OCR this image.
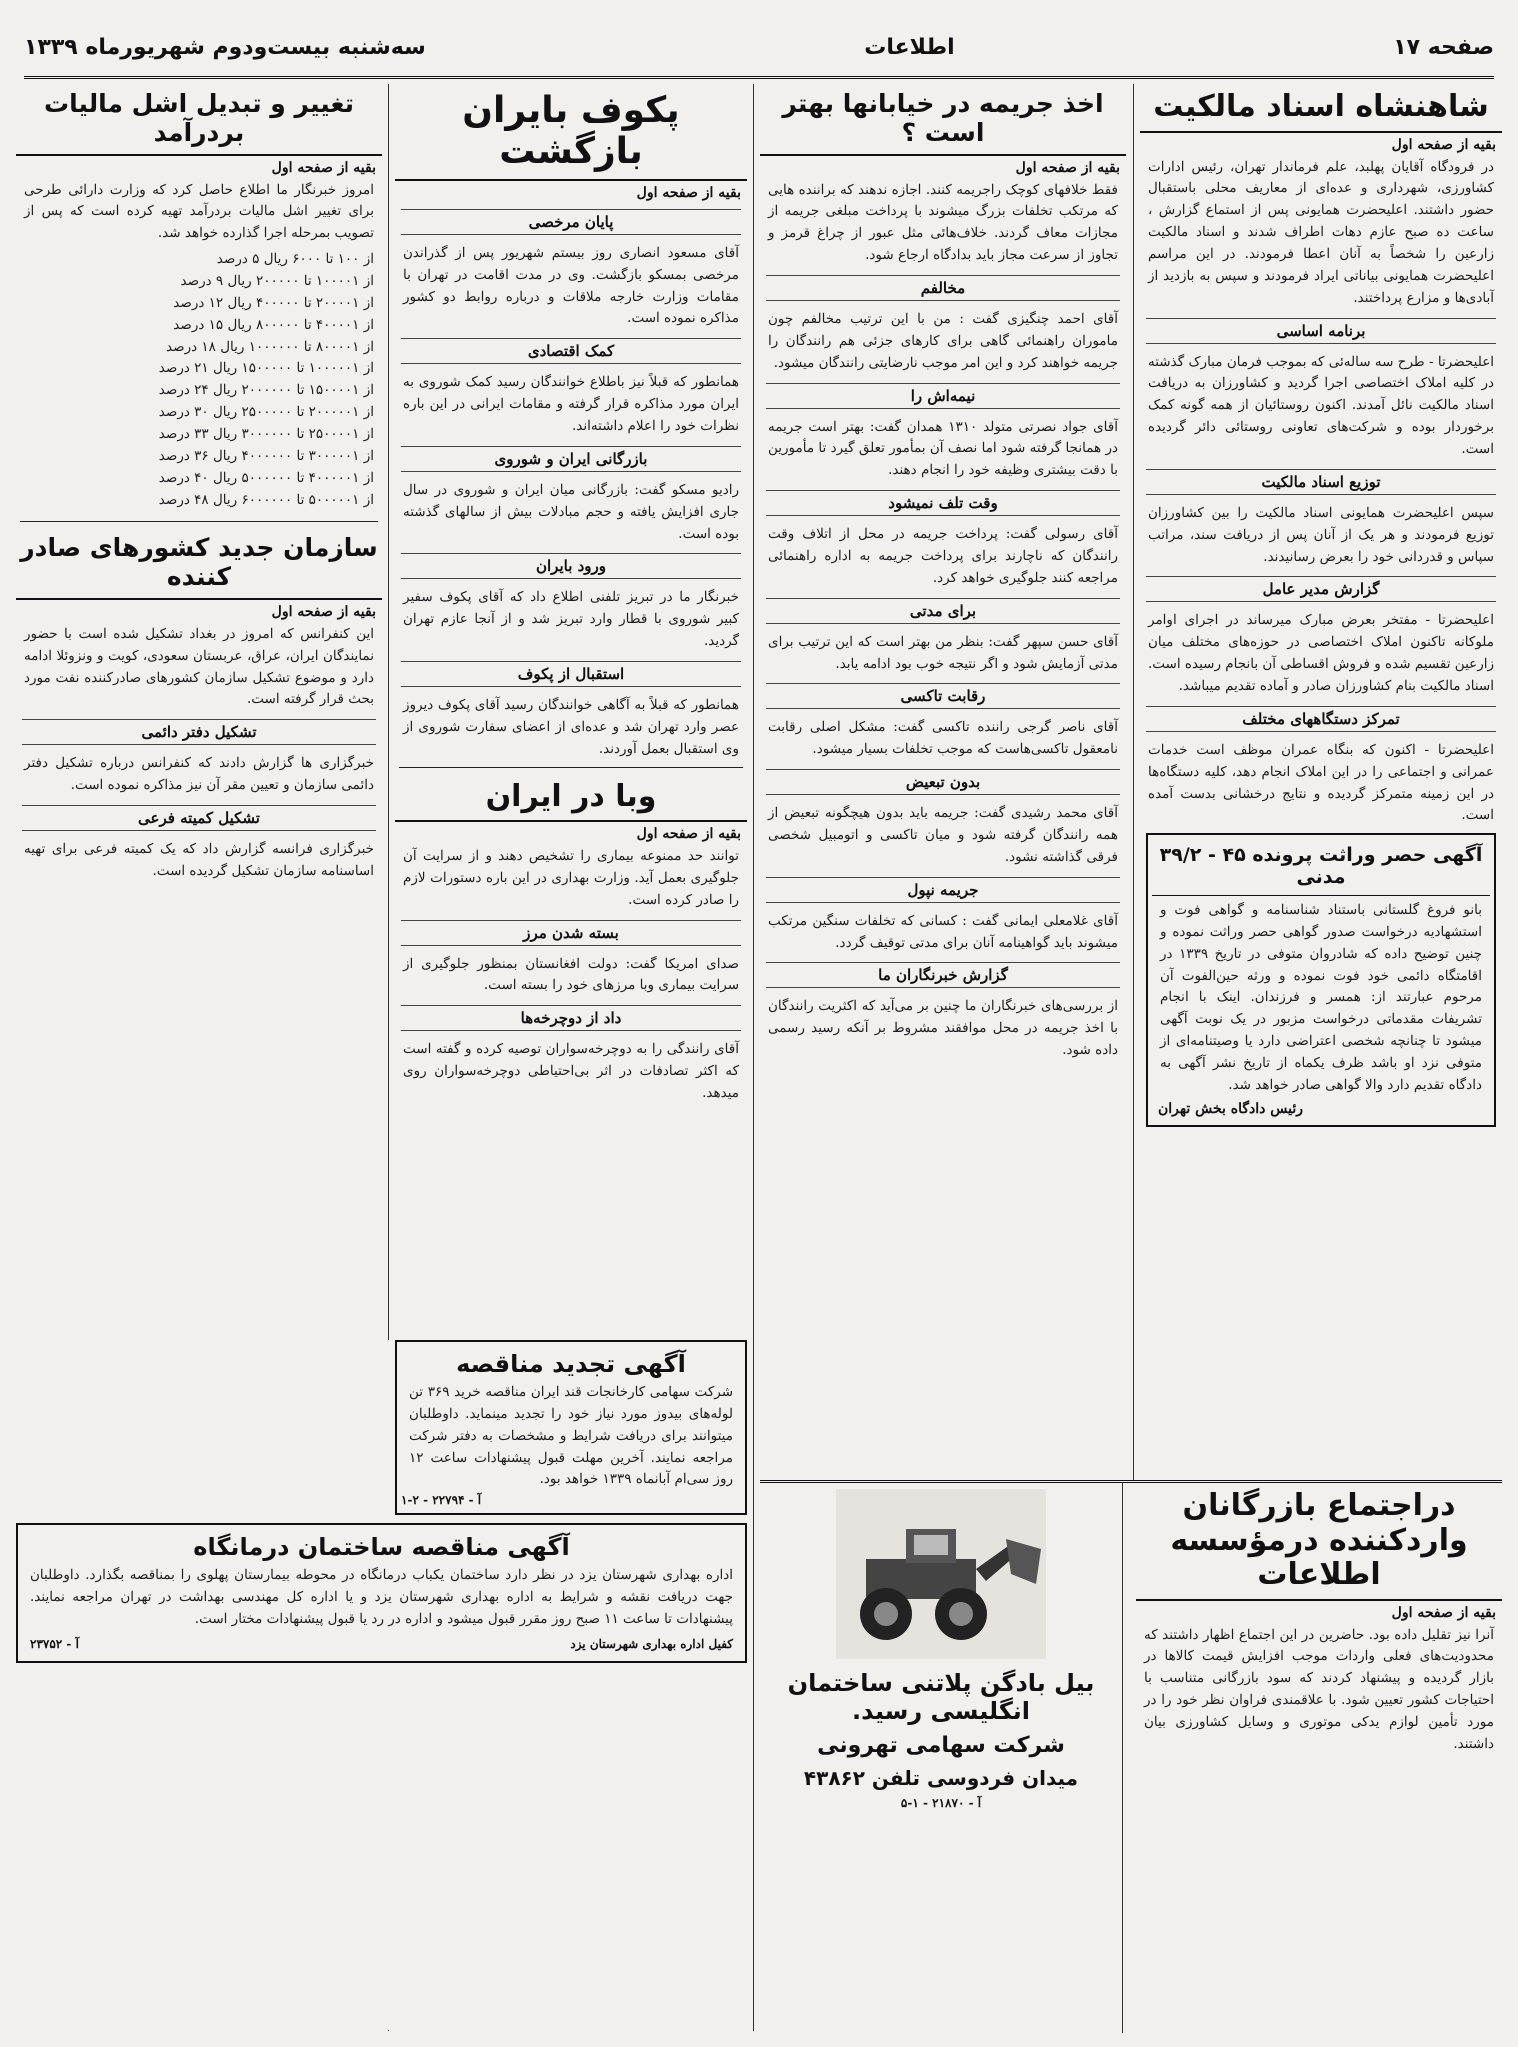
صفحه ۱۷
اطلاعات
سه‌شنبه بیست‌ودوم شهریورماه ۱۳۳۹
شاهنشاه اسناد مالکیت
بقیه از صفحه اول
در فرودگاه آقایان پهلبد، علم فرماندار تهران، رئیس ادارات کشاورزی، شهرداری و عده‌ای از معاریف محلی باستقبال حضور داشتند. اعلیحضرت همایونی پس از استماع گزارش ، ساعت ده صبح عازم دهات اطراف شدند و اسناد مالکیت زارعین را شخصاً به آنان اعطا فرمودند. در این مراسم اعلیحضرت همایونی بیاناتی ایراد فرمودند و سپس به بازدید از آبادی‌ها و مزارع پرداختند.
برنامه اساسی
اعلیحضرتا - طرح سه ساله‌ئی که بموجب فرمان مبارک گذشته در کلیه املاک اختصاصی اجرا گردید و کشاورزان به دریافت اسناد مالکیت نائل آمدند. اکنون روستائیان از همه گونه کمک برخوردار بوده و شرکت‌های تعاونی روستائی دائر گردیده است.
توزیع اسناد مالکیت
سپس اعلیحضرت همایونی اسناد مالکیت را بین کشاورزان توزیع فرمودند و هر یک از آنان پس از دریافت سند، مراتب سپاس و قدردانی خود را بعرض رسانیدند.
گزارش مدیر عامل
اعلیحضرتا - مفتخر بعرض مبارک میرساند در اجرای اوامر ملوکانه تاکنون املاک اختصاصی در حوزه‌های مختلف میان زارعین تقسیم شده و فروش اقساطی آن بانجام رسیده است. اسناد مالکیت بنام کشاورزان صادر و آماده تقدیم میباشد.
تمرکز دستگاههای مختلف
اعلیحضرتا - اکنون که بنگاه عمران موظف است خدمات عمرانی و اجتماعی را در این املاک انجام دهد، کلیه دستگاه‌ها در این زمینه متمرکز گردیده و نتایج درخشانی بدست آمده است.
آگهی حصر وراثت پرونده ۴۵ - ۳۹/۲ مدنی
بانو فروغ گلستانی باستناد شناسنامه و گواهی فوت و استشهادیه درخواست صدور گواهی حصر وراثت نموده و چنین توضیح داده که شادروان متوفی در تاریخ ۱۳۳۹ در اقامتگاه دائمی خود فوت نموده و ورثه حین‌الفوت آن مرحوم عبارتند از: همسر و فرزندان. اینک با انجام تشریفات مقدماتی درخواست مزبور در یک نوبت آگهی میشود تا چنانچه شخصی اعتراضی دارد یا وصیتنامه‌ای از متوفی نزد او باشد ظرف یکماه از تاریخ نشر آگهی به دادگاه تقدیم دارد والا گواهی صادر خواهد شد.
رئیس دادگاه بخش تهران
اخذ جریمه در خیابانها بهتر است ؟
بقیه از صفحه اول
فقط خلافهای کوچک راجریمه کنند. اجازه ندهند که براننده هایی که مرتکب تخلفات بزرگ میشوند با پرداخت مبلغی جریمه از مجازات معاف گردند. خلاف‌هائی مثل عبور از چراغ قرمز و تجاوز از سرعت مجاز باید بدادگاه ارجاع شود.
مخالفم
آقای احمد چنگیزی گفت : من با این ترتیب مخالفم چون ماموران راهنمائی گاهی برای کارهای جزئی هم رانندگان را جریمه خواهند کرد و این امر موجب نارضایتی رانندگان میشود.
نیمه‌اش را
آقای جواد نصرتی متولد ۱۳۱۰ همدان گفت: بهتر است جریمه در همانجا گرفته شود اما نصف آن بمأمور تعلق گیرد تا مأمورین با دقت بیشتری وظیفه خود را انجام دهند.
وقت تلف نمیشود
آقای رسولی گفت: پرداخت جریمه در محل از اتلاف وقت رانندگان که ناچارند برای پرداخت جریمه به اداره راهنمائی مراجعه کنند جلوگیری خواهد کرد.
برای مدتی
آقای حسن سپهر گفت: بنظر من بهتر است که این ترتیب برای مدتی آزمایش شود و اگر نتیجه خوب بود ادامه یابد.
رقابت تاکسی
آقای ناصر گرجی راننده تاکسی گفت: مشکل اصلی رقابت نامعقول تاکسی‌هاست که موجب تخلفات بسیار میشود.
بدون تبعیض
آقای محمد رشیدی گفت: جریمه باید بدون هیچگونه تبعیض از همه رانندگان گرفته شود و میان تاکسی و اتومبیل شخصی فرقی گذاشته نشود.
جریمه نپول
آقای غلامعلی ایمانی گفت : کسانی که تخلفات سنگین مرتکب میشوند باید گواهینامه آنان برای مدتی توقیف گردد.
گزارش خبرنگاران ما
از بررسی‌های خبرنگاران ما چنین بر می‌آید که اکثریت رانندگان با اخذ جریمه در محل موافقند مشروط بر آنکه رسید رسمی داده شود.
دراجتماع بازرگانان واردکننده درمؤسسه اطلاعات
بقیه از صفحه اول
آنرا نیز تقلیل داده بود. حاضرین در این اجتماع اظهار داشتند که محدودیت‌های فعلی واردات موجب افزایش قیمت کالاها در بازار گردیده و پیشنهاد کردند که سود بازرگانی متناسب با احتیاجات کشور تعیین شود. با علاقمندی فراوان نظر خود را در مورد تأمین لوازم یدکی موتوری و وسایل کشاورزی بیان داشتند.
بیل بادگن پلاتنی ساختمان انگلیسی رسید.
شرکت سهامی تهرونی
میدان فردوسی تلفن ۴۳۸۶۲
آ - ۲۱۸۷۰ - ۱-۵
پکوف بایران بازگشت
بقیه از صفحه اول
پایان مرخصی
آقای مسعود انصاری روز بیستم شهریور پس از گذراندن مرخصی بمسکو بازگشت. وی در مدت اقامت در تهران با مقامات وزارت خارجه ملاقات و درباره روابط دو کشور مذاکره نموده است.
کمک اقتصادی
همانطور که قبلاً نیز باطلاع خوانندگان رسید کمک شوروی به ایران مورد مذاکره قرار گرفته و مقامات ایرانی در این باره نظرات خود را اعلام داشته‌اند.
بازرگانی ایران و شوروی
رادیو مسکو گفت: بازرگانی میان ایران و شوروی در سال جاری افزایش یافته و حجم مبادلات بیش از سالهای گذشته بوده است.
ورود بایران
خبرنگار ما در تبریز تلفنی اطلاع داد که آقای پکوف سفیر کبیر شوروی با قطار وارد تبریز شد و از آنجا عازم تهران گردید.
استقبال از پکوف
همانطور که قبلاً به آگاهی خوانندگان رسید آقای پکوف دیروز عصر وارد تهران شد و عده‌ای از اعضای سفارت شوروی از وی استقبال بعمل آوردند.
وبا در ایران
بقیه از صفحه اول
توانند حد ممنوعه بیماری را تشخیص دهند و از سرایت آن جلوگیری بعمل آید. وزارت بهداری در این باره دستورات لازم را صادر کرده است.
بسته شدن مرز
صدای امریکا گفت: دولت افغانستان بمنظور جلوگیری از سرایت بیماری وبا مرزهای خود را بسته است.
داد از دوچرخه‌ها
آقای رانندگی را به دوچرخه‌سواران توصیه کرده و گفته است که اکثر تصادفات در اثر بی‌احتیاطی دوچرخه‌سواران روی میدهد.
تغییر و تبدیل اشل مالیات بردرآمد
بقیه از صفحه اول
امروز خبرنگار ما اطلاع حاصل کرد که وزارت دارائی طرحی برای تغییر اشل مالیات بردرآمد تهیه کرده است که پس از تصویب بمرحله اجرا گذارده خواهد شد.
از ۱۰۰ تا ۶۰۰۰ ریال ۵ درصد
از ۱۰۰۰۰۱ تا ۲۰۰۰۰۰ ریال ۹ درصد
از ۲۰۰۰۰۱ تا ۴۰۰۰۰۰ ریال ۱۲ درصد
از ۴۰۰۰۰۱ تا ۸۰۰۰۰۰ ریال ۱۵ درصد
از ۸۰۰۰۰۱ تا ۱۰۰۰۰۰۰ ریال ۱۸ درصد
از ۱۰۰۰۰۰۱ تا ۱۵۰۰۰۰۰ ریال ۲۱ درصد
از ۱۵۰۰۰۰۱ تا ۲۰۰۰۰۰۰ ریال ۲۴ درصد
از ۲۰۰۰۰۰۱ تا ۲۵۰۰۰۰۰ ریال ۳۰ درصد
از ۲۵۰۰۰۰۱ تا ۳۰۰۰۰۰۰ ریال ۳۳ درصد
از ۳۰۰۰۰۰۱ تا ۴۰۰۰۰۰۰ ریال ۳۶ درصد
از ۴۰۰۰۰۰۱ تا ۵۰۰۰۰۰۰ ریال ۴۰ درصد
از ۵۰۰۰۰۰۱ تا ۶۰۰۰۰۰۰ ریال ۴۸ درصد
سازمان جدید کشورهای صادر کننده
بقیه از صفحه اول
این کنفرانس که امروز در بغداد تشکیل شده است با حضور نمایندگان ایران، عراق، عربستان سعودی، کویت و ونزوئلا ادامه دارد و موضوع تشکیل سازمان کشورهای صادرکننده نفت مورد بحث قرار گرفته است.
تشکیل دفتر دائمی
خبرگزاری ها گزارش دادند که کنفرانس درباره تشکیل دفتر دائمی سازمان و تعیین مقر آن نیز مذاکره نموده است.
تشکیل کمیته فرعی
خبرگزاری فرانسه گزارش داد که یک کمیته فرعی برای تهیه اساسنامه سازمان تشکیل گردیده است.
آگهی تجدید مناقصه
شرکت سهامی کارخانجات قند ایران مناقصه خرید ۳۶۹ تن لوله‌های بیدوز مورد نیاز خود را تجدید مینماید. داوطلبان میتوانند برای دریافت شرایط و مشخصات به دفتر شرکت مراجعه نمایند. آخرین مهلت قبول پیشنهادات ساعت ۱۲ روز سی‌ام آبانماه ۱۳۳۹ خواهد بود.
آ - ۲۲۷۹۴ - ۲-۱
آگهی مناقصه ساختمان درمانگاه
اداره بهداری شهرستان یزد در نظر دارد ساختمان یکباب درمانگاه در محوطه بیمارستان پهلوی را بمناقصه بگذارد. داوطلبان جهت دریافت نقشه و شرایط به اداره بهداری شهرستان یزد و یا اداره کل مهندسی بهداشت در تهران مراجعه نمایند. پیشنهادات تا ساعت ۱۱ صبح روز مقرر قبول میشود و اداره در رد یا قبول پیشنهادات مختار است.
کفیل اداره بهداری شهرستان یزد
آ - ۲۳۷۵۲
